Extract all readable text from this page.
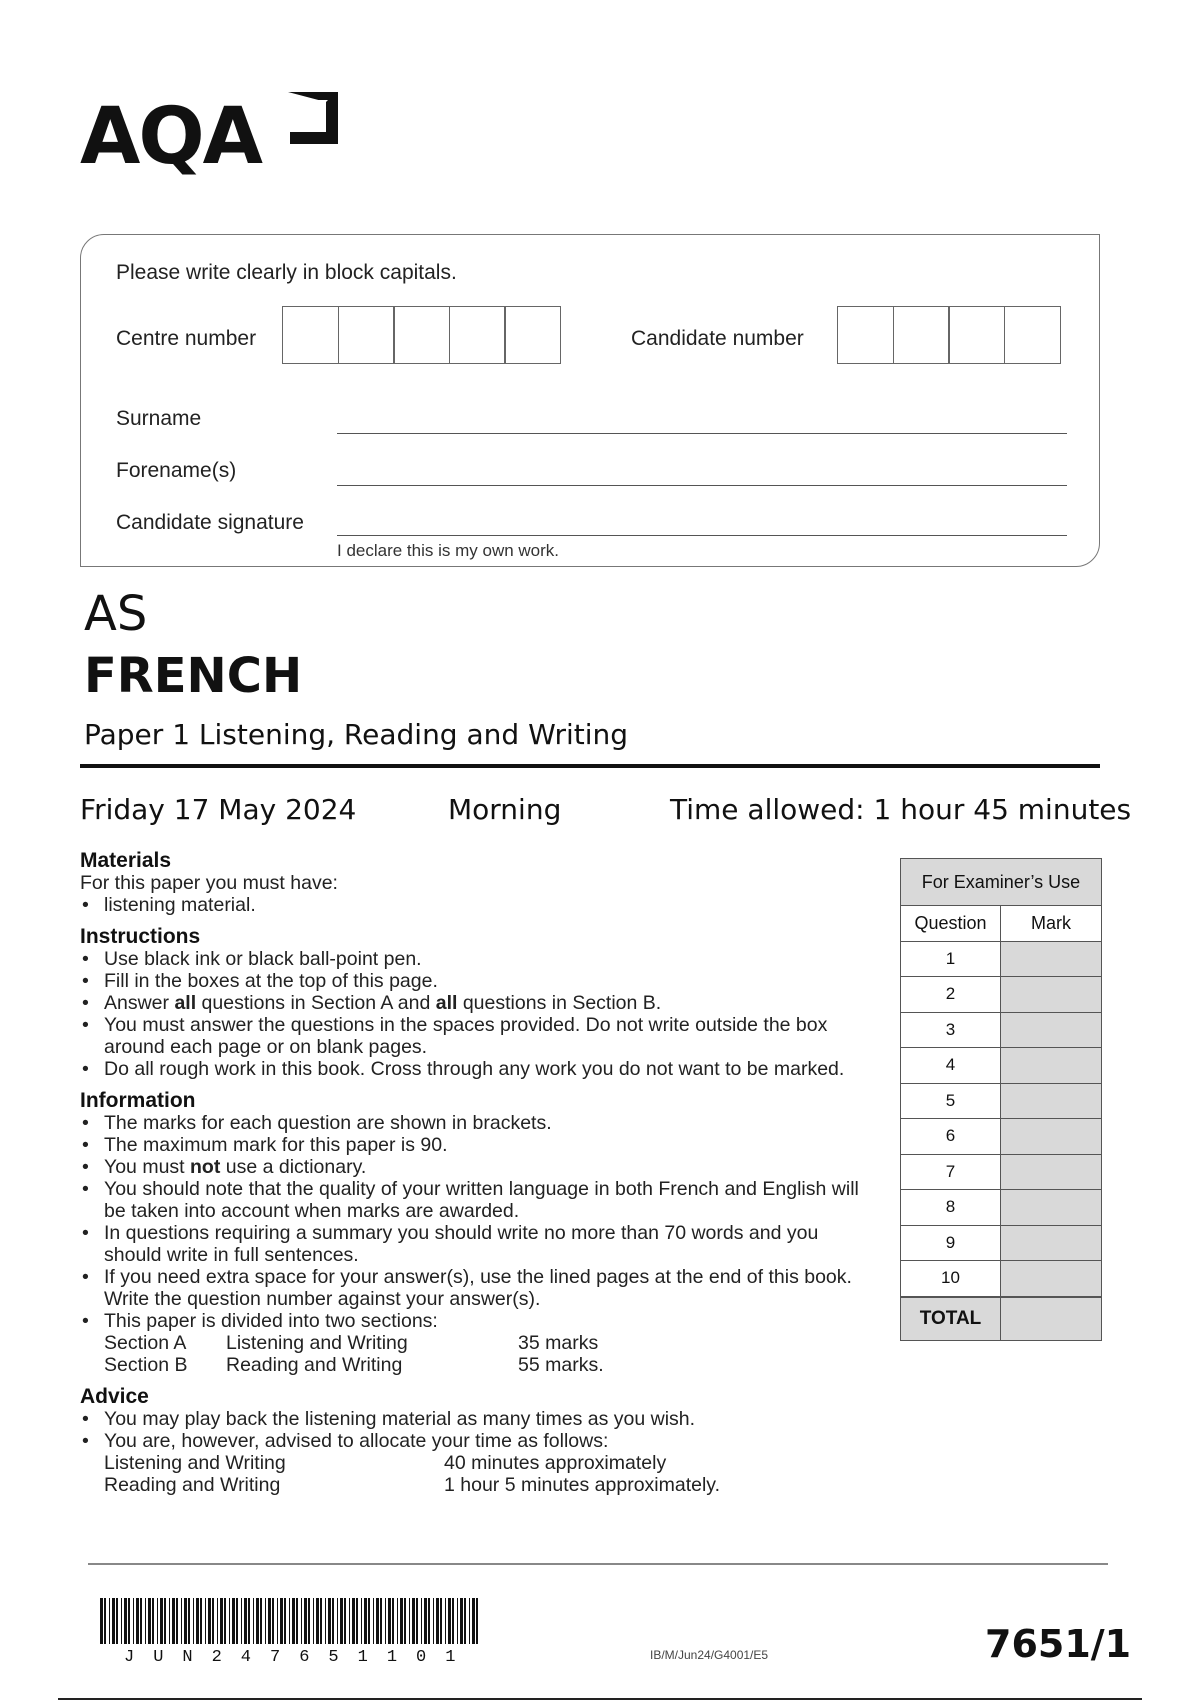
AQA
Please write clearly in block capitals.
Centre number	Candidate number
Surname
Forename(s)
Candidate signature
I declare this is my own work.
AS
FRENCH
Paper 1 Listening, Reading and Writing
Friday 17 May 2024	Morning	Time allowed: 1 hour 45 minutes
Materials

For this paper you must have:

• listening material.
Instructions
• Use black ink or black ball-point pen.
• Fill in the boxes at the top of this page.
• Answer all questions in Section A and all questions in Section B.
• You must answer the questions in the spaces provided. Do not write outside the box around each page or on blank pages.
• Do all rough work in this book. Cross through any work you do not want to be marked.
Information
• The marks for each question are shown in brackets.
• The maximum mark for this paper is 90.
• You must not use a dictionary.
• You should note that the quality of your written language in both French and English will be taken into account when marks are awarded.
• In questions requiring a summary you should write no more than 70 words and you should write in full sentences.
• If you need extra space for your answer(s), use the lined pages at the end of this book. Write the question number against your answer(s).
• This paper is divided into two sections:
Section A	Listening and Writing	35 marks
Section B	Reading and Writing	55 marks.
Advice
• You may play back the listening material as many times as you wish.
• You are, however, advised to allocate your time as follows:
Listening and Writing	40 minutes approximately
Reading and Writing	1 hour 5 minutes approximately.
For Examiner’s Use
Question	Mark
1
2
3
4
5
6
7
8
9
10
TOTAL
JUN247651101	IB/M/Jun24/G4001/E5	7651/1
